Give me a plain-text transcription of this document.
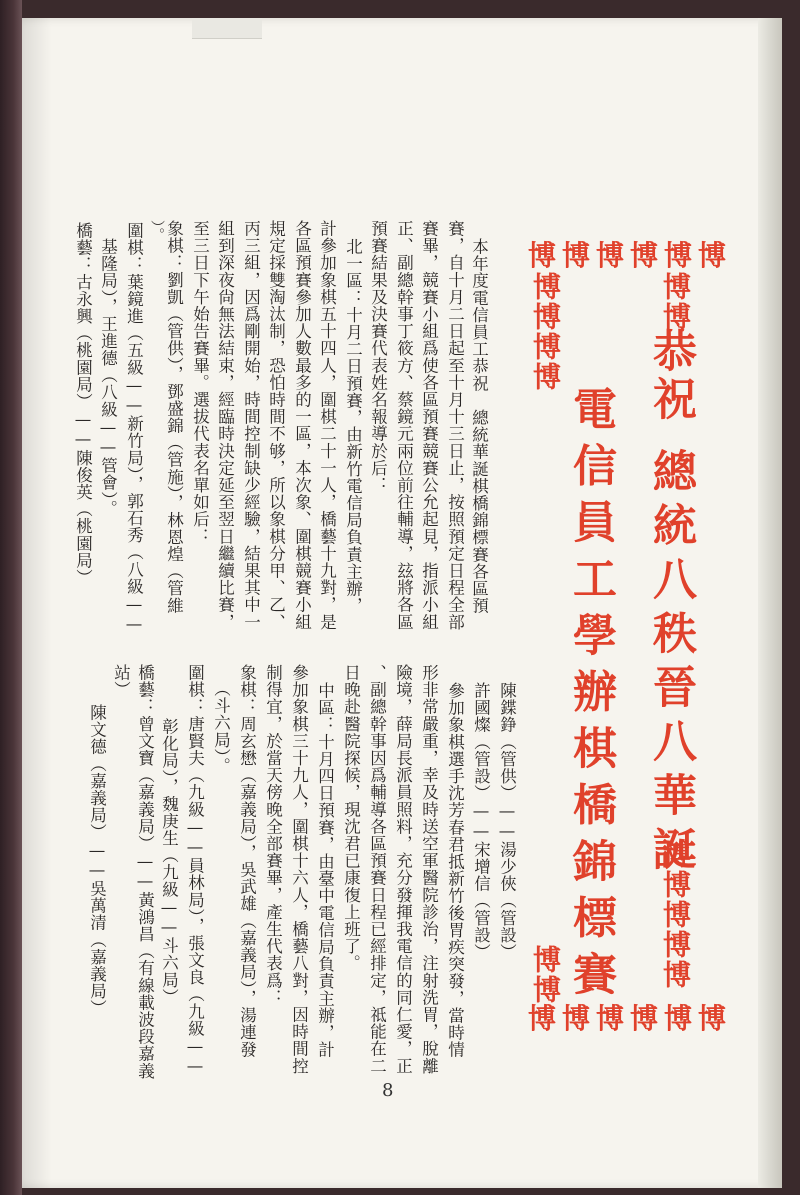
博博博博博博
博博博博博博
博博
博博博博博
博博博博
博博
恭祝
總統八秩晉八華誕
電信員工學辦棋橋錦標賽
本年度電信員工恭祝　總統華誕棋橋錦標賽各區預
賽，自十月二日起至十月十三日止，按照預定日程全部
賽畢，競賽小組爲使各區預賽競賽公允起見，指派小組
正、副總幹事丁筱方、蔡鏡元兩位前往輔導，玆將各區
預賽結果及決賽代表姓名報導於后：
北一區：十月二日預賽，由新竹電信局負責主辦，
計參加象棋五十四人，圍棋二十一人，橋藝十九對，是
各區預賽參加人數最多的一區，本次象、圍棋競賽小組
規定採雙淘汰制，恐怕時間不够，所以象棋分甲、乙、
丙三組，因爲剛開始，時間控制缺少經驗，結果其中一
組到深夜尙無法結束，經臨時決定延至翌日繼續比賽，
至三日下午始告賽畢。選拔代表名單如后：
象棋：劉凱（管供），鄧盛錦（管施），林恩煌（管維
）。
圍棋：葉鏡進（五級——新竹局），郭石秀（八級——
基隆局），王進德（八級——管會）。
橋藝：古永興（桃園局）——陳俊英（桃園局）
陳鍱錚（管供）——湯少俠（管設）
許國燦（管設）——宋增信（管設）
參加象棋選手沈芳春君抵新竹後胃疾突發，當時情
形非常嚴重，幸及時送空軍醫院診治，注射洗胃，脫離
險境，薛局長派員照料，充分發揮我電信的同仁愛，正
、副總幹事因爲輔導各區預賽日程已經排定，祗能在二
日晚赴醫院探候，現沈君已康復上班了。
中區：十月四日預賽，由臺中電信局負責主辦，計
參加象棋三十九人，圍棋十六人，橋藝八對，因時間控
制得宜，於當天傍晚全部賽畢，產生代表爲：
象棋：周玄懋（嘉義局），吳武雄（嘉義局），湯連發
（斗六局）。
圍棋：唐賢夫（九級——員林局），張文良（九級——
彰化局），魏庚生（九級——斗六局）
橋藝：曾文寶（嘉義局）——黃鴻昌（有線載波段嘉義
站）
8
陳文德（嘉義局）——吳萬清（嘉義局）
